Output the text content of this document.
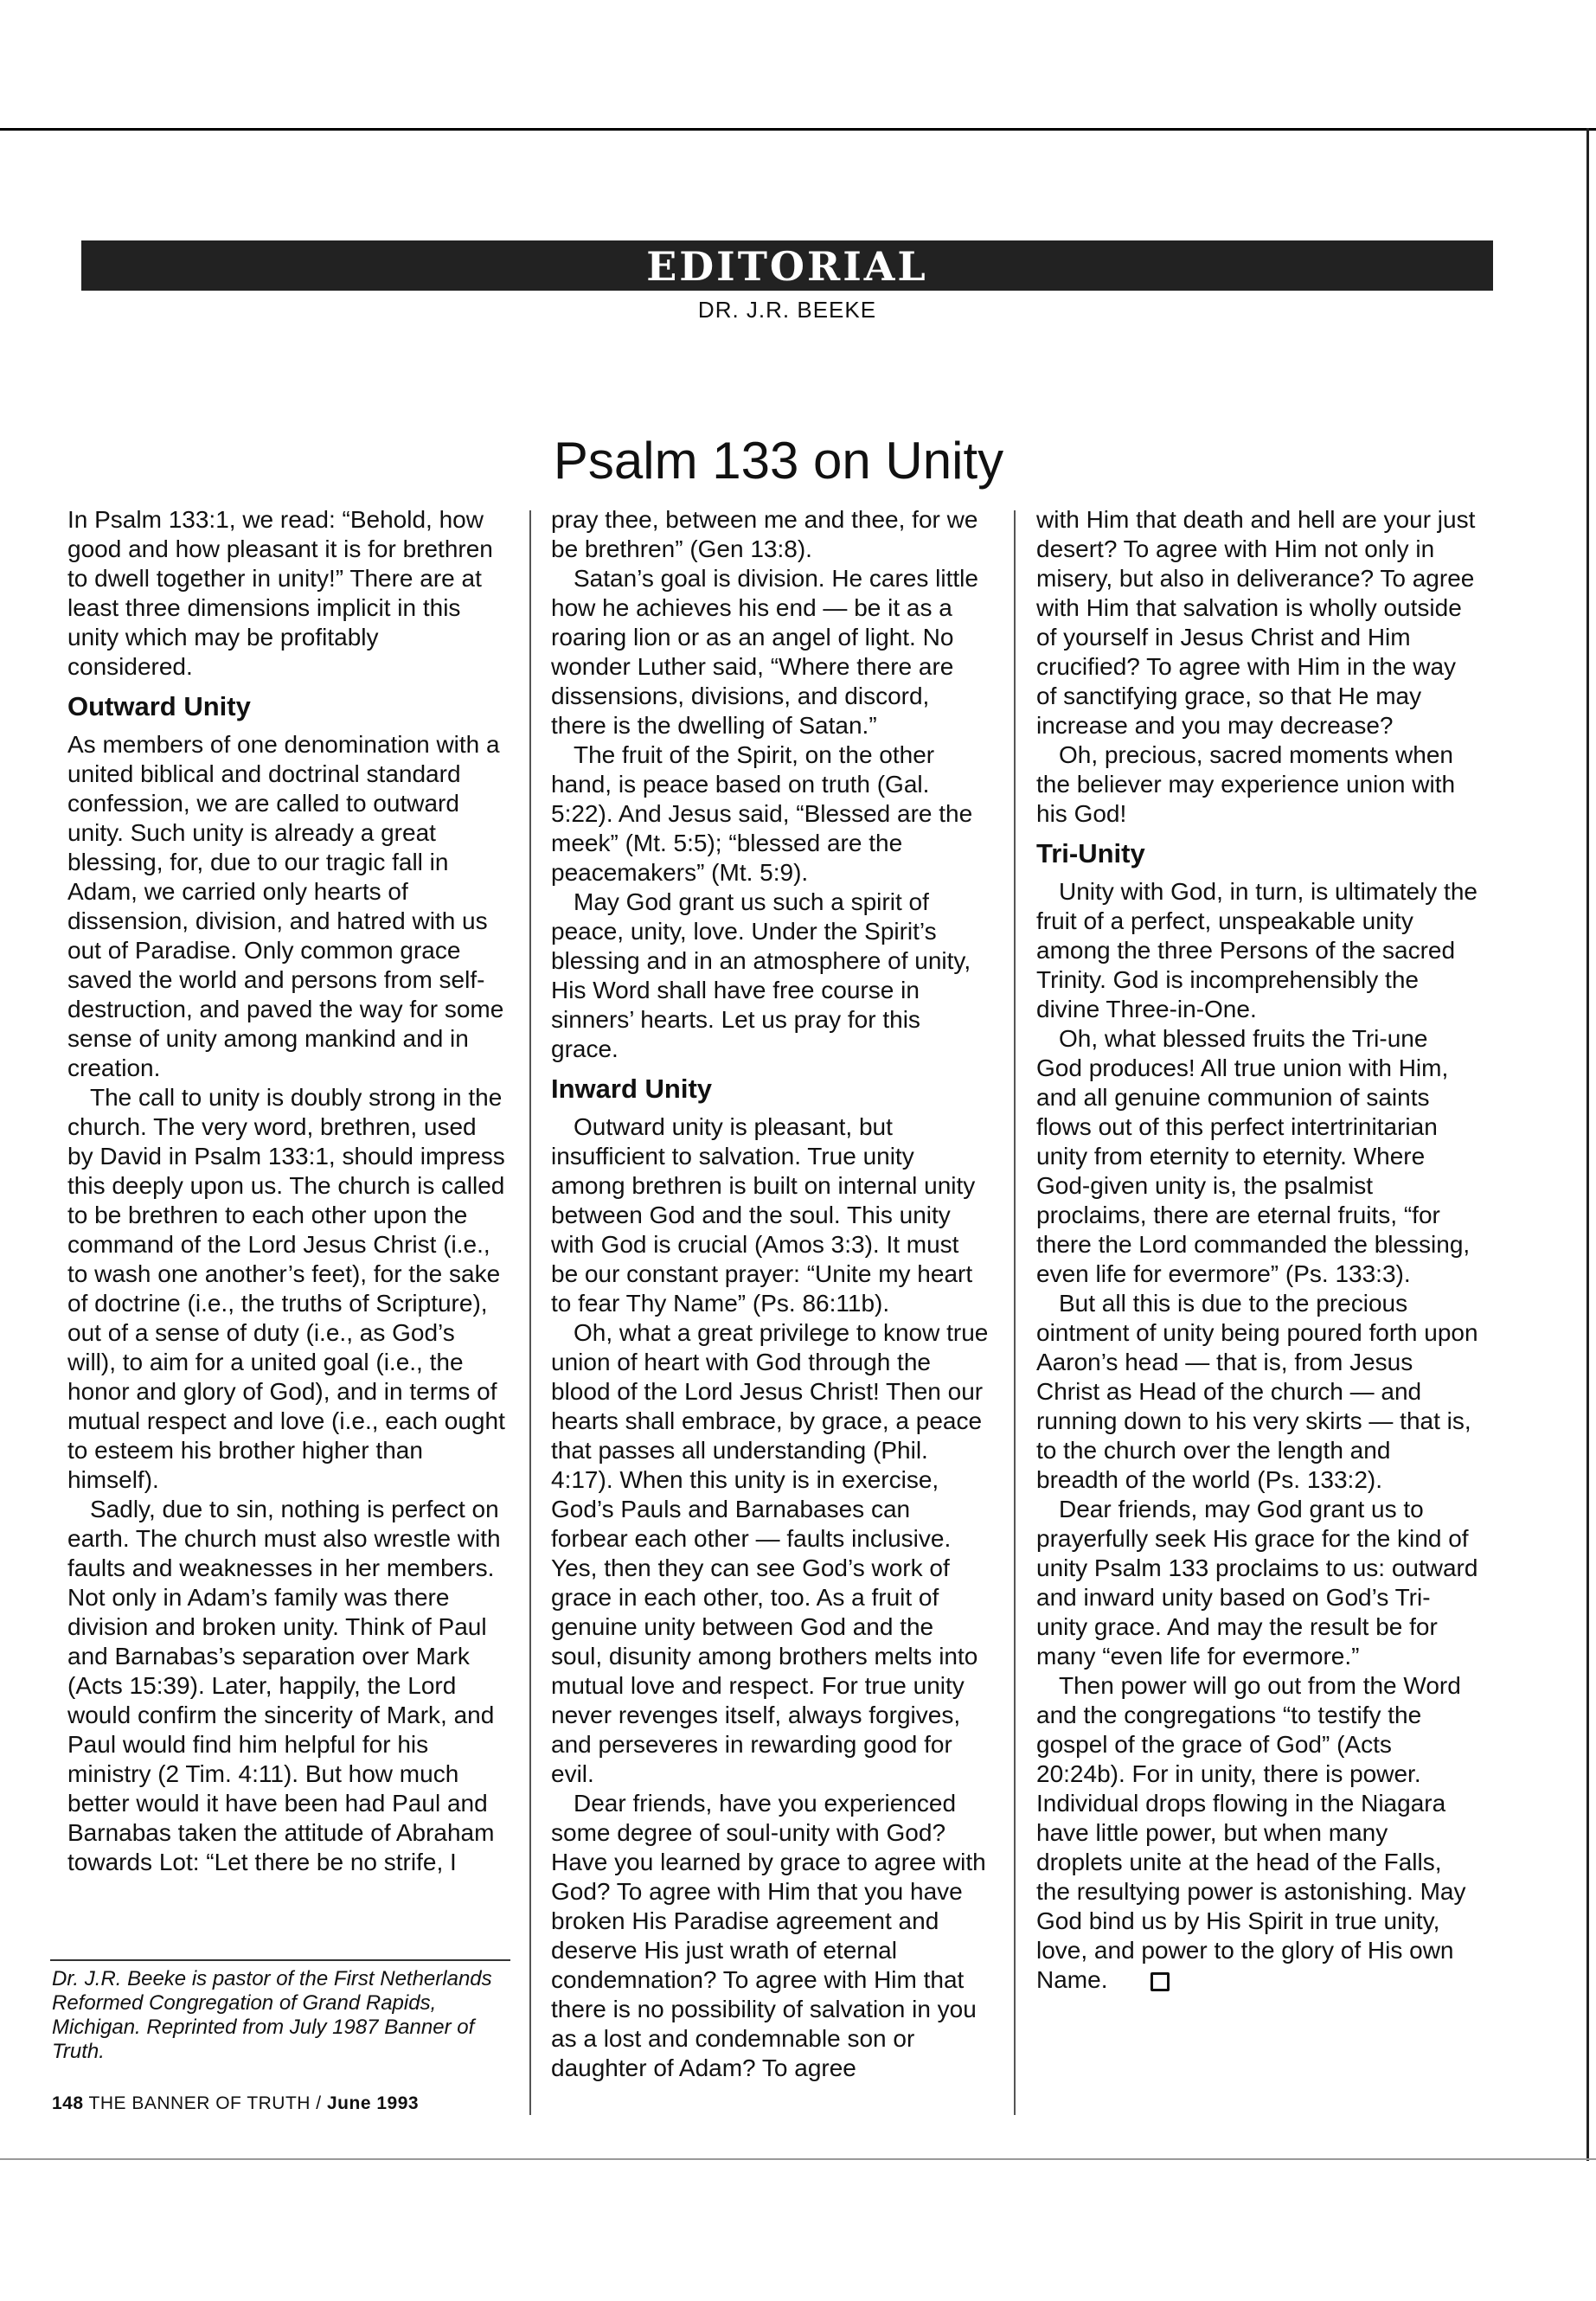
EDITORIAL
DR. J.R. BEEKE
Psalm 133 on Unity

In Psalm 133:1, we read: “Behold, how good and how pleasant it is for brethren to dwell together in unity!” There are at least three dimensions implicit in this unity which may be profitably considered.

Outward Unity

As members of one denomination with a united biblical and doctrinal standard confession, we are called to outward unity. Such unity is already a great blessing, for, due to our tragic fall in Adam, we carried only hearts of dissension, division, and hatred with us out of Paradise. Only common grace saved the world and persons from self-destruction, and paved the way for some sense of unity among mankind and in creation.

The call to unity is doubly strong in the church. The very word, brethren, used by David in Psalm 133:1, should impress this deeply upon us. The church is called to be brethren to each other upon the command of the Lord Jesus Christ (i.e., to wash one another’s feet), for the sake of doctrine (i.e., the truths of Scripture), out of a sense of duty (i.e., as God’s will), to aim for a united goal (i.e., the honor and glory of God), and in terms of mutual respect and love (i.e., each ought to esteem his brother higher than himself).

Sadly, due to sin, nothing is perfect on earth. The church must also wrestle with faults and weaknesses in her members. Not only in Adam’s family was there division and broken unity. Think of Paul and Barnabas’s separation over Mark (Acts 15:39). Later, happily, the Lord would confirm the sincerity of Mark, and Paul would find him helpful for his ministry (2 Tim. 4:11). But how much better would it have been had Paul and Barnabas taken the attitude of Abraham towards Lot: “Let there be no strife, I

pray thee, between me and thee, for we be brethren” (Gen 13:8).

Satan’s goal is division. He cares little how he achieves his end — be it as a roaring lion or as an angel of light. No wonder Luther said, “Where there are dissensions, divisions, and discord, there is the dwelling of Satan.”

The fruit of the Spirit, on the other hand, is peace based on truth (Gal. 5:22). And Jesus said, “Blessed are the meek” (Mt. 5:5); “blessed are the peacemakers” (Mt. 5:9).

May God grant us such a spirit of peace, unity, love. Under the Spirit’s blessing and in an atmosphere of unity, His Word shall have free course in sinners’ hearts. Let us pray for this grace.

Inward Unity

Outward unity is pleasant, but insufficient to salvation. True unity among brethren is built on internal unity between God and the soul. This unity with God is crucial (Amos 3:3). It must be our constant prayer: “Unite my heart to fear Thy Name” (Ps. 86:11b).

Oh, what a great privilege to know true union of heart with God through the blood of the Lord Jesus Christ! Then our hearts shall embrace, by grace, a peace that passes all understanding (Phil. 4:17). When this unity is in exercise, God’s Pauls and Barnabases can forbear each other — faults inclusive. Yes, then they can see God’s work of grace in each other, too. As a fruit of genuine unity between God and the soul, disunity among brothers melts into mutual love and respect. For true unity never revenges itself, always forgives, and perseveres in rewarding good for evil.

Dear friends, have you experienced some degree of soul-unity with God? Have you learned by grace to agree with God? To agree with Him that you have broken His Paradise agreement and deserve His just wrath of eternal condemnation? To agree with Him that there is no possibility of salvation in you as a lost and condemnable son or daughter of Adam? To agree

with Him that death and hell are your just desert? To agree with Him not only in misery, but also in deliverance? To agree with Him that salvation is wholly outside of yourself in Jesus Christ and Him crucified? To agree with Him in the way of sanctifying grace, so that He may increase and you may decrease?

Oh, precious, sacred moments when the believer may experience union with his God!

Tri-Unity

Unity with God, in turn, is ultimately the fruit of a perfect, unspeakable unity among the three Persons of the sacred Trinity. God is incomprehensibly the divine Three-in-One.

Oh, what blessed fruits the Tri-une God produces! All true union with Him, and all genuine communion of saints flows out of this perfect intertrinitarian unity from eternity to eternity. Where God-given unity is, the psalmist proclaims, there are eternal fruits, “for there the Lord commanded the blessing, even life for evermore” (Ps. 133:3).

But all this is due to the precious ointment of unity being poured forth upon Aaron’s head — that is, from Jesus Christ as Head of the church — and running down to his very skirts — that is, to the church over the length and breadth of the world (Ps. 133:2).

Dear friends, may God grant us to prayerfully seek His grace for the kind of unity Psalm 133 proclaims to us: outward and inward unity based on God’s Tri-unity grace. And may the result be for many “even life for evermore.”

Then power will go out from the Word and the congregations “to testify the gospel of the grace of God” (Acts 20:24b). For in unity, there is power. Individual drops flowing in the Niagara have little power, but when many droplets unite at the head of the Falls, the resultying power is astonishing. May God bind us by His Spirit in true unity, love, and power to the glory of His own Name.

Dr. J.R. Beeke is pastor of the First Netherlands Reformed Congregation of Grand Rapids, Michigan. Reprinted from July 1987 Banner of Truth.

148 THE BANNER OF TRUTH / June 1993
